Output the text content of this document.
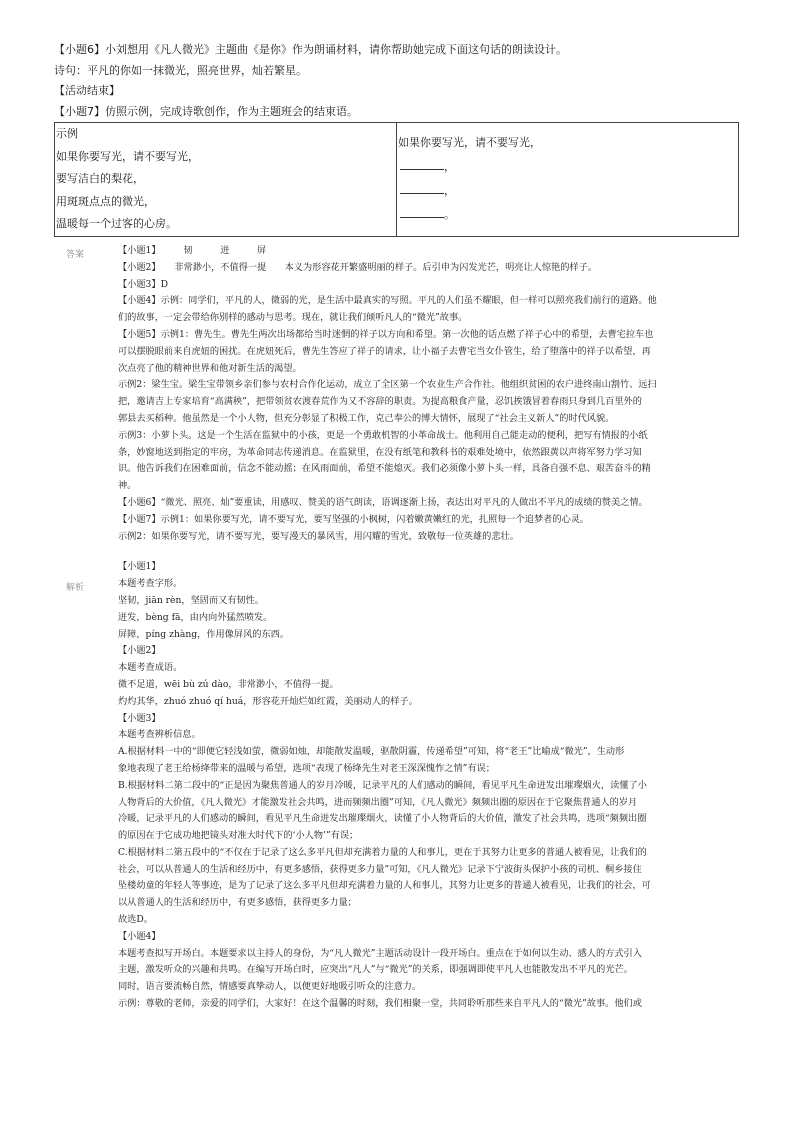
【小题6】小刘想用《凡人微光》主题曲《是你》作为朗诵材料，请你帮助她完成下面这句话的朗读设计。

诗句：平凡的你如一抹微光，照亮世界，灿若繁星。

【活动结束】

【小题7】仿照示例，完成诗歌创作，作为主题班会的结束语。

示例
如果你要写光，请不要写光，
要写洁白的梨花，
用斑斑点点的微光，
温暖每一个过客的心房。

如果你要写光，请不要写光，
，
，
。
答案
解析

【小题1】　　　韧　　　迸　　　屏

【小题2】　　非常渺小，不值得一提　　本义为形容花开繁盛明丽的样子。后引申为闪发光芒，明亮让人惊艳的样子。

【小题3】D

【小题4】示例：同学们，平凡的人，微弱的光，是生活中最真实的写照。平凡的人们虽不耀眼，但一样可以照亮我们前行的道路。他

们的故事，一定会带给你别样的感动与思考。现在，就让我们倾听凡人的“微光”故事。

【小题5】示例1：曹先生。曹先生两次出场都给当时迷惘的祥子以方向和希望。第一次他的话点燃了祥子心中的希望，去曹宅拉车也

可以摆脱眼前来自虎妞的困扰。在虎妞死后，曹先生答应了祥子的请求，让小福子去曹宅当女仆管生，给了堕落中的祥子以希望，再

次点亮了他的精神世界和他对新生活的渴望。

示例2：梁生宝。梁生宝带领乡亲们参与农村合作化运动，成立了全区第一个农业生产合作社。他组织贫困的农户进终南山割竹、远扫

把，邀请吉上专家培育“高满秧”，把带领贫农渡春荒作为又不容辞的职责。为提高粮食产量，忍饥挨饿冒着春雨只身到几百里外的

郭县去买稻种。他虽然是一个小人物，但充分彰显了积极工作，克己奉公的博大情怀，展现了“社会主义新人”的时代风貌。

示例3：小萝卜头。这是一个生活在监狱中的小孩，更是一个勇敢机智的小革命战士。他利用自己能走动的便利，把写有情报的小纸

条，妙窗地送到指定的牢房，为革命同志传递消息。在监狱里，在没有纸笔和教科书的艰难处境中，依然跟黄以声将军努力学习知

识。他告诉我们在困难面前，信念不能动摇；在风雨面前，希望不能熄灭。我们必须像小萝卜头一样，具备自强不息、艰苦奋斗的精

神。

【小题6】“微光、照亮、灿”要重读，用感叹、赞美的语气朗读，语调逐渐上扬，表达出对平凡的人做出不平凡的成绩的赞美之情。

【小题7】示例1：如果你要写光，请不要写光，要写坚强的小枫树，闪着嫩黄嫩红的光，扎照每一个追梦者的心灵。

示例2：如果你要写光，请不要写光，要写漫天的暴风雪，用闪耀的雪光，致敬每一位英雄的悲壮。

【小题1】

本题考查字形。

坚韧，jiān rèn，坚固而又有韧性。

迸发，bèng fā，由内向外猛然喷发。

屏障，píng zhàng，作用像屏风的东西。

【小题2】

本题考查成语。

微不足道，wēi bù zú dào，非常渺小，不值得一提。

灼灼其华，zhuó zhuó qí huá，形容花开灿烂如红霞，美丽动人的样子。

【小题3】

本题考查辨析信息。

A.根据材料一中的“即便它轻浅如萤，微弱如烛，却能散发温暖，驱散阴霾，传递希望”可知，将“老王”比喻成“微光”，生动形

象地表现了老王给杨绛带来的温暖与希望，选项“表现了杨绛先生对老王深深愧怍之情”有误；

B.根据材料二第二段中的“正是因为聚焦普通人的岁月冷暖，记录平凡的人们感动的瞬间，看见平凡生命迸发出璀璨烟火，读懂了小

人物背后的大价值，《凡人微光》才能激发社会共鸣，进而频频出圈”可知，《凡人微光》频频出圈的原因在于它聚焦普通人的岁月

冷暖，记录平凡的人们感动的瞬间，看见平凡生命迸发出璀璨烟火，读懂了小人物背后的大价值，激发了社会共鸣，选项“频频出圈

的原因在于它成功地把镜头对准大时代下的‘小人物’”有误；

C.根据材料二第五段中的“不仅在于记录了这么多平凡但却充满着力量的人和事儿，更在于其努力让更多的普通人被看见，让我们的

社会，可以从普通人的生活和经历中，有更多感悟，获得更多力量”可知，《凡人微光》记录下宁波街头保护小孩的司机、桐乡接住

坠楼幼童的年轻人等事迹，是为了记录了这么多平凡但却充满着力量的人和事儿，其努力让更多的普通人被看见，让我们的社会，可

以从普通人的生活和经历中，有更多感悟，获得更多力量；

故选D。

【小题4】

本题考查拟写开场白。本题要求以主持人的身份，为“凡人微光”主题活动设计一段开场白。重点在于如何以生动、感人的方式引入

主题，激发听众的兴趣和共鸣。在编写开场白时，应突出“凡人”与“微光”的关系，即强调即使平凡人也能散发出不平凡的光芒。

同时，语言要流畅自然，情感要真挚动人，以便更好地吸引听众的注意力。

示例：尊敬的老师，亲爱的同学们，大家好！在这个温馨的时刻，我们相聚一堂，共同聆听那些来自平凡人的“微光”故事。他们或
